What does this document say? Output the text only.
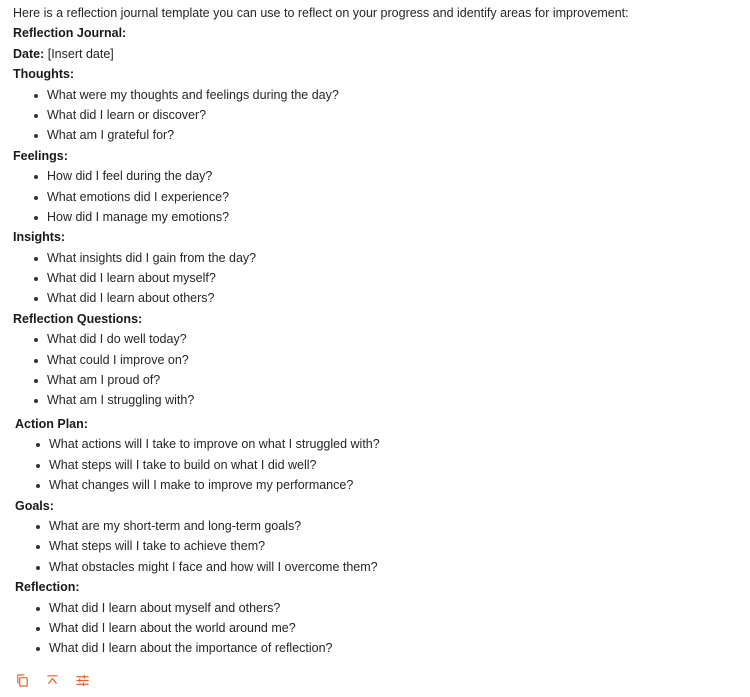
Here is a reflection journal template you can use to reflect on your progress and identify areas for improvement:
Reflection Journal:
Date: [Insert date]
Thoughts:
What were my thoughts and feelings during the day?
What did I learn or discover?
What am I grateful for?
Feelings:
How did I feel during the day?
What emotions did I experience?
How did I manage my emotions?
Insights:
What insights did I gain from the day?
What did I learn about myself?
What did I learn about others?
Reflection Questions:
What did I do well today?
What could I improve on?
What am I proud of?
What am I struggling with?
Action Plan:
What actions will I take to improve on what I struggled with?
What steps will I take to build on what I did well?
What changes will I make to improve my performance?
Goals:
What are my short-term and long-term goals?
What steps will I take to achieve them?
What obstacles might I face and how will I overcome them?
Reflection:
What did I learn about myself and others?
What did I learn about the world around me?
What did I learn about the importance of reflection?
